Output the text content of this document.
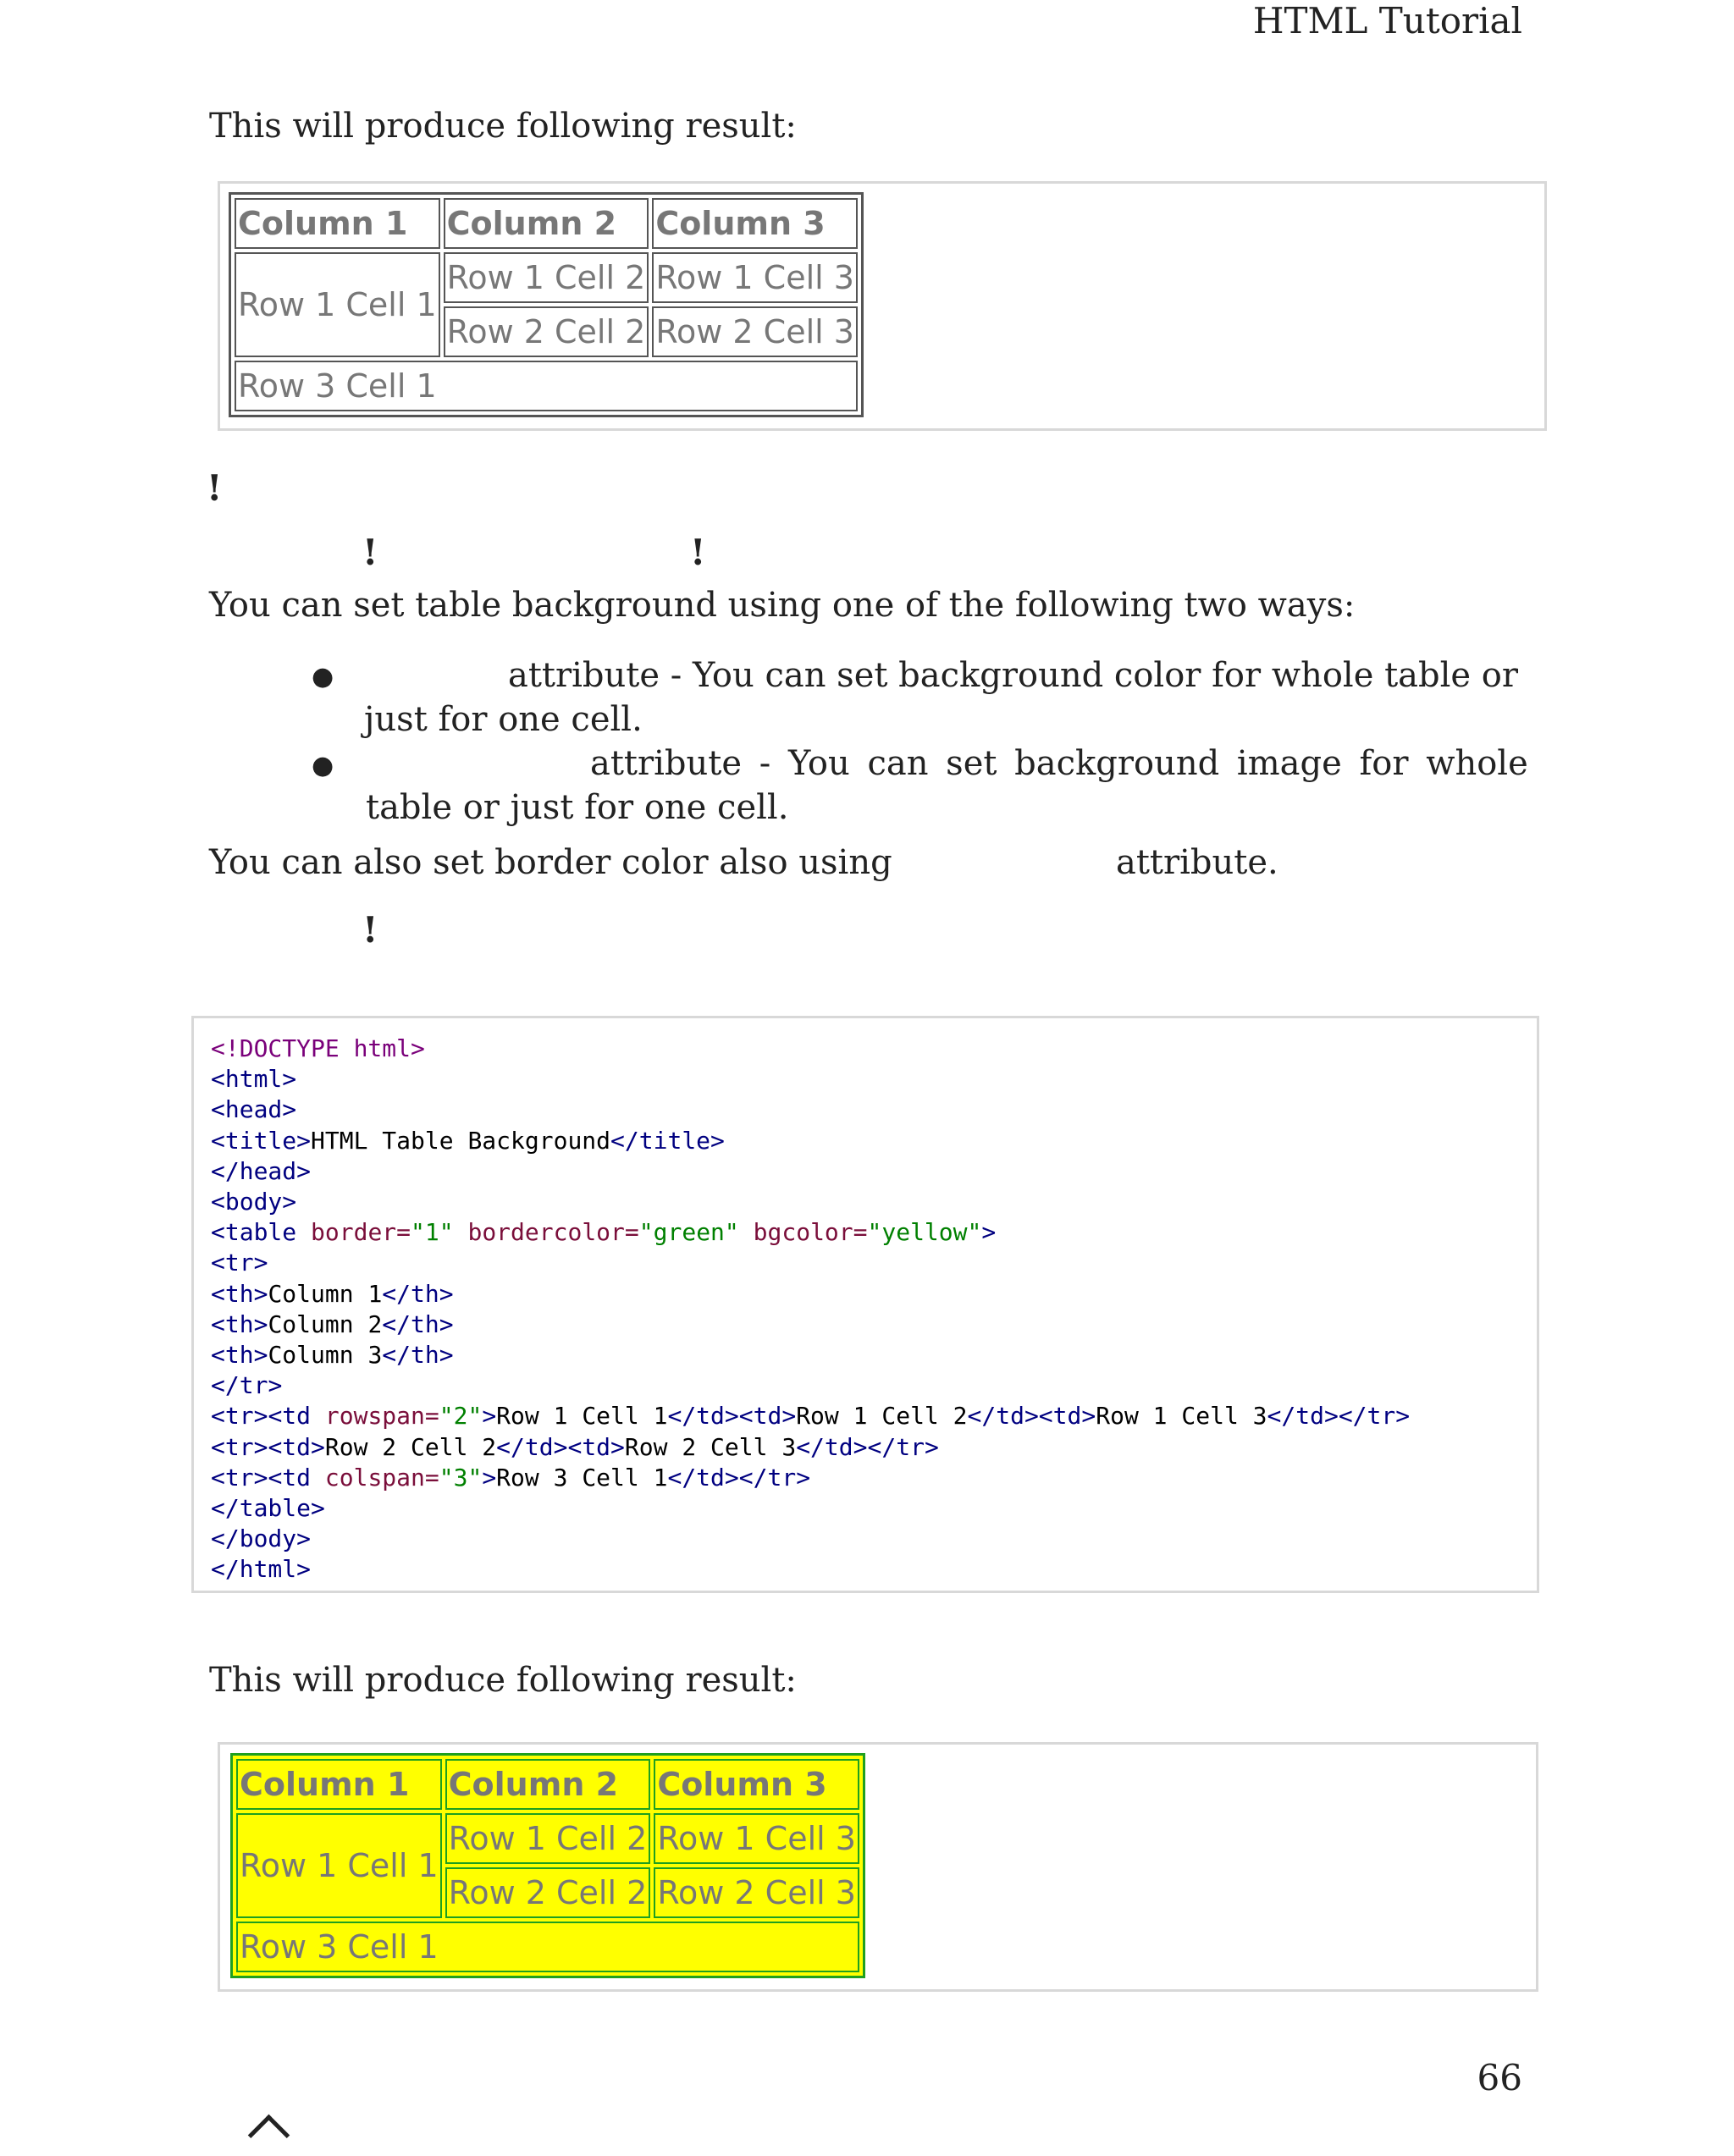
HTML Tutorial
This will produce following result:
Column 1	Column 2	Column 3
Row 1 Cell 1	Row 1 Cell 2	Row 1 Cell 3
	Row 2 Cell 2	Row 2 Cell 3
Row 3 Cell 1		
!
!	!
You can set table background using one of the following two ways:
●	attribute - You can set background color for whole table or
just for one cell.
●	attribute - You can set background image for whole
table or just for one cell.
You can also set border color also using	attribute.
!
<!DOCTYPE html>
<html>
<head>
<title>HTML Table Background</title>
</head>
<body>
<table border="1" bordercolor="green" bgcolor="yellow">
<tr>
<th>Column 1</th>
<th>Column 2</th>
<th>Column 3</th>
</tr>
<tr><td rowspan="2">Row 1 Cell 1</td><td>Row 1 Cell 2</td><td>Row 1 Cell 3</td></tr>
<tr><td>Row 2 Cell 2</td><td>Row 2 Cell 3</td></tr>
<tr><td colspan="3">Row 3 Cell 1</td></tr>
</table>
</body>
</html>
This will produce following result:
Column 1	Column 2	Column 3
Row 1 Cell 1	Row 1 Cell 2	Row 1 Cell 3
	Row 2 Cell 2	Row 2 Cell 3
Row 3 Cell 1		
66
